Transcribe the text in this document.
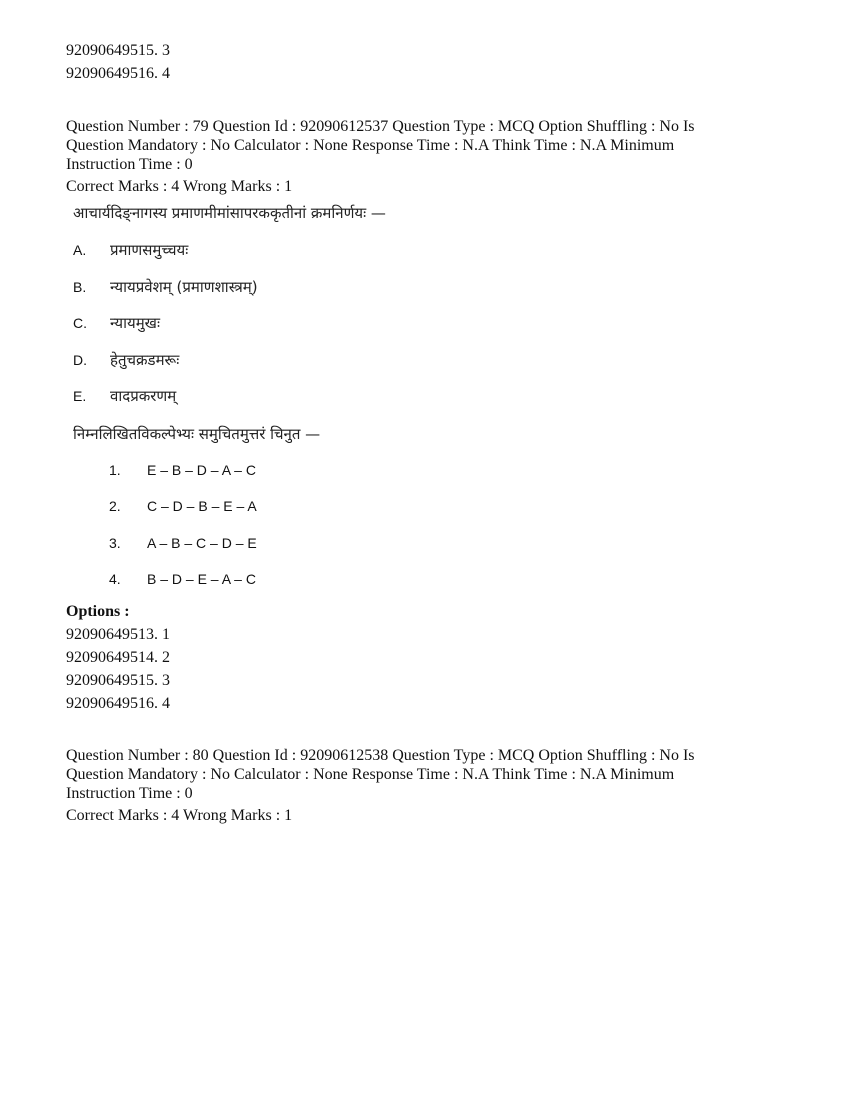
92090649515. 3
92090649516. 4
Question Number : 79 Question Id : 92090612537 Question Type : MCQ Option Shuffling : No Is
Question Mandatory : No Calculator : None Response Time : N.A Think Time : N.A Minimum
Instruction Time : 0
Correct Marks : 4 Wrong Marks : 1
आचार्यदिङ्नागस्य प्रमाणमीमांसापरककृतीनां क्रमनिर्णयः —
A.	प्रमाणसमुच्चयः
B.	न्यायप्रवेशम् (प्रमाणशास्त्रम्)
C.	न्यायमुखः
D.	हेतुचक्रडमरूः
E.	वादप्रकरणम्
निम्नलिखितविकल्पेभ्यः समुचितमुत्तरं चिनुत —
1. E – B – D – A – C
2. C – D – B – E – A
3. A – B – C – D – E
4. B – D – E – A – C
Options :
92090649513. 1
92090649514. 2
92090649515. 3
92090649516. 4
Question Number : 80 Question Id : 92090612538 Question Type : MCQ Option Shuffling : No Is
Question Mandatory : No Calculator : None Response Time : N.A Think Time : N.A Minimum
Instruction Time : 0
Correct Marks : 4 Wrong Marks : 1
